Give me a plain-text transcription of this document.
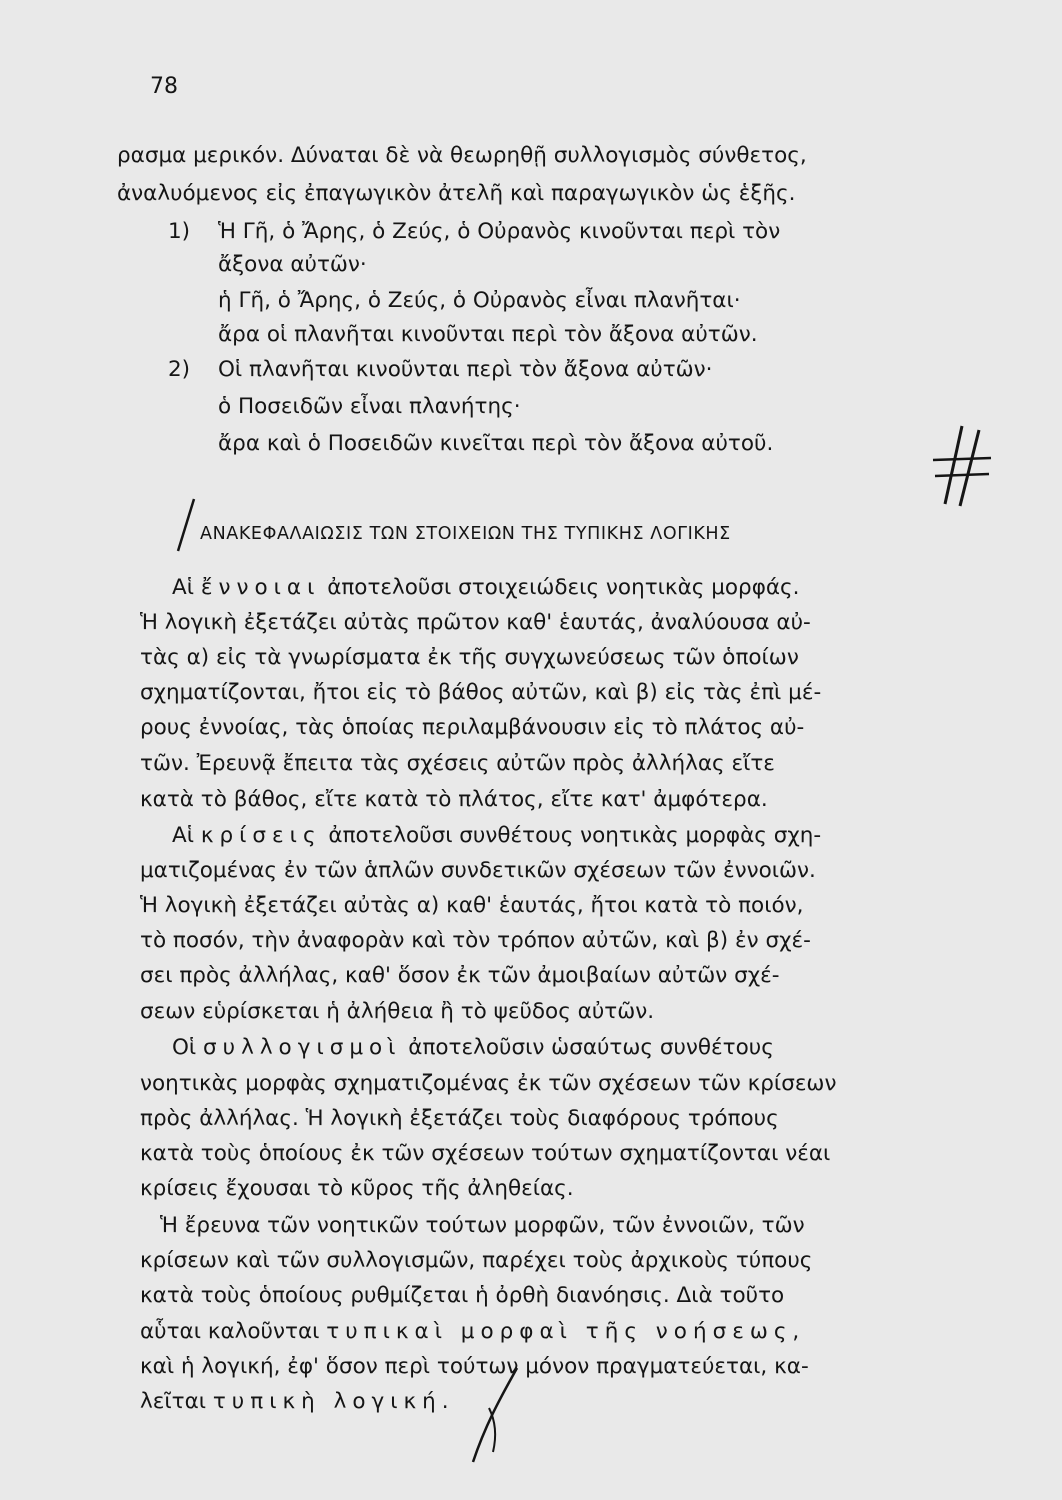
78
ρασμα μερικόν. Δύναται δὲ νὰ θεωρηθῇ συλλογισμὸς σύνθετος,
ἀναλυόμενος εἰς ἐπαγωγικὸν ἀτελῆ καὶ παραγωγικὸν ὡς ἑξῆς.
1) Ἡ Γῆ, ὁ Ἄρης, ὁ Ζεύς, ὁ Οὐρανὸς κινοῦνται περὶ τὸν
ἄξονα αὐτῶν·
ἡ Γῆ, ὁ Ἄρης, ὁ Ζεύς, ὁ Οὐρανὸς εἶναι πλανῆται·
ἄρα οἱ πλανῆται κινοῦνται περὶ τὸν ἄξονα αὐτῶν.
2) Οἱ πλανῆται κινοῦνται περὶ τὸν ἄξονα αὐτῶν·
ὁ Ποσειδῶν εἶναι πλανήτης·
ἄρα καὶ ὁ Ποσειδῶν κινεῖται περὶ τὸν ἄξονα αὐτοῦ.
ΑΝΑΚΕΦΑΛΑΙΩΣΙΣ ΤΩΝ ΣΤΟΙΧΕΙΩΝ ΤΗΣ ΤΥΠΙΚΗΣ ΛΟΓΙΚΗΣ
Αἱ ἔννοιαι ἀποτελοῦσι στοιχειώδεις νοητικὰς μορφάς.
Ἡ λογικὴ ἐξετάζει αὐτὰς πρῶτον καθ' ἑαυτάς, ἀναλύουσα αὐ-
τὰς α) εἰς τὰ γνωρίσματα ἐκ τῆς συγχωνεύσεως τῶν ὁποίων
σχηματίζονται, ἤτοι εἰς τὸ βάθος αὐτῶν, καὶ β) εἰς τὰς ἐπὶ μέ-
ρους ἐννοίας, τὰς ὁποίας περιλαμβάνουσιν εἰς τὸ πλάτος αὐ-
τῶν. Ἐρευνᾷ ἔπειτα τὰς σχέσεις αὐτῶν πρὸς ἀλλήλας εἴτε
κατὰ τὸ βάθος, εἴτε κατὰ τὸ πλάτος, εἴτε κατ' ἀμφότερα.
Αἱ κρίσεις ἀποτελοῦσι συνθέτους νοητικὰς μορφὰς σχη-
ματιζομένας ἐν τῶν ἁπλῶν συνδετικῶν σχέσεων τῶν ἐννοιῶν.
Ἡ λογικὴ ἐξετάζει αὐτὰς α) καθ' ἑαυτάς, ἤτοι κατὰ τὸ ποιόν,
τὸ ποσόν, τὴν ἀναφορὰν καὶ τὸν τρόπον αὐτῶν, καὶ β) ἐν σχέ-
σει πρὸς ἀλλήλας, καθ' ὅσον ἐκ τῶν ἀμοιβαίων αὐτῶν σχέ-
σεων εὑρίσκεται ἡ ἀλήθεια ἢ τὸ ψεῦδος αὐτῶν.
Οἱ συλλογισμοὶ ἀποτελοῦσιν ὡσαύτως συνθέτους
νοητικὰς μορφὰς σχηματιζομένας ἐκ τῶν σχέσεων τῶν κρίσεων
πρὸς ἀλλήλας. Ἡ λογικὴ ἐξετάζει τοὺς διαφόρους τρόπους
κατὰ τοὺς ὁποίους ἐκ τῶν σχέσεων τούτων σχηματίζονται νέαι
κρίσεις ἔχουσαι τὸ κῦρος τῆς ἀληθείας.
Ἡ ἔρευνα τῶν νοητικῶν τούτων μορφῶν, τῶν ἐννοιῶν, τῶν
κρίσεων καὶ τῶν συλλογισμῶν, παρέχει τοὺς ἀρχικοὺς τύπους
κατὰ τοὺς ὁποίους ρυθμίζεται ἡ ὀρθὴ διανόησις. Διὰ τοῦτο
αὗται καλοῦνται τυπικαὶ μορφαὶ τῆς νοήσεως,
καὶ ἡ λογική, ἐφ' ὅσον περὶ τούτων μόνον πραγματεύεται, κα-
λεῖται τυπικὴ λογική.
